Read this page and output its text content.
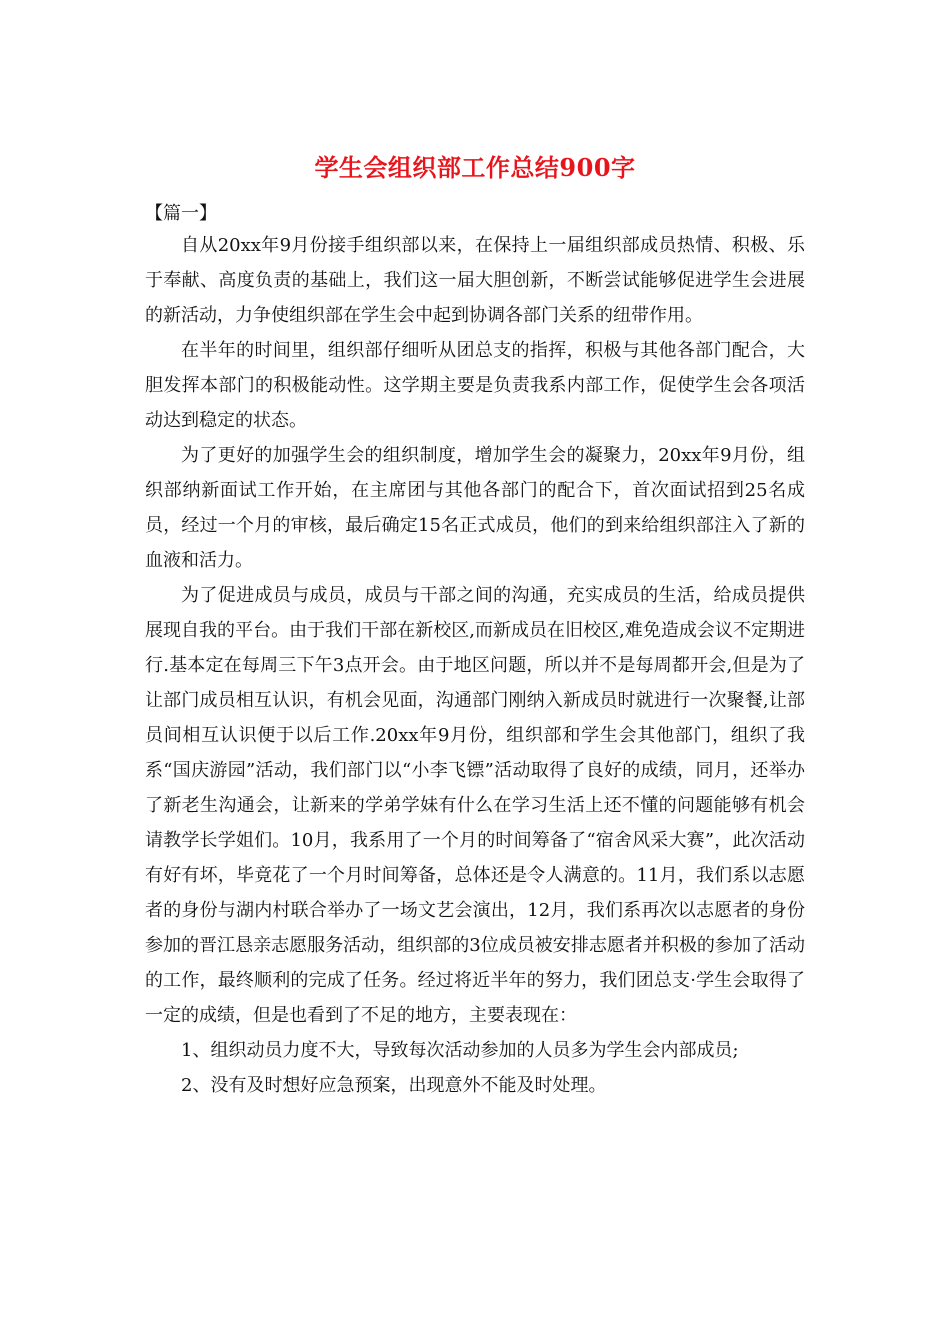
学生会组织部工作总结900字
【篇一】

自从20xx年9月份接手组织部以来，在保持上一届组织部成员热情、积极、乐于奉献、高度负责的基础上，我们这一届大胆创新，不断尝试能够促进学生会进展的新活动，力争使组织部在学生会中起到协调各部门关系的纽带作用。

在半年的时间里，组织部仔细听从团总支的指挥，积极与其他各部门配合，大胆发挥本部门的积极能动性。这学期主要是负责我系内部工作，促使学生会各项活动达到稳定的状态。

为了更好的加强学生会的组织制度，增加学生会的凝聚力，20xx年9月份，组织部纳新面试工作开始，在主席团与其他各部门的配合下，首次面试招到25名成员，经过一个月的审核，最后确定15名正式成员，他们的到来给组织部注入了新的血液和活力。

为了促进成员与成员，成员与干部之间的沟通，充实成员的生活，给成员提供展现自我的平台。由于我们干部在新校区,而新成员在旧校区,难免造成会议不定期进行.基本定在每周三下午3点开会。由于地区问题，所以并不是每周都开会,但是为了让部门成员相互认识，有机会见面，沟通部门刚纳入新成员时就进行一次聚餐,让部员间相互认识便于以后工作.20xx年9月份，组织部和学生会其他部门，组织了我系“国庆游园”活动，我们部门以“小李飞镖”活动取得了良好的成绩，同月，还举办了新老生沟通会，让新来的学弟学妹有什么在学习生活上还不懂的问题能够有机会请教学长学姐们。10月，我系用了一个月的时间筹备了“宿舍风采大赛”，此次活动有好有坏，毕竟花了一个月时间筹备，总体还是令人满意的。11月，我们系以志愿者的身份与湖内村联合举办了一场文艺会演出，12月，我们系再次以志愿者的身份参加的晋江恳亲志愿服务活动，组织部的3位成员被安排志愿者并积极的参加了活动的工作，最终顺利的完成了任务。经过将近半年的努力，我们团总支·学生会取得了一定的成绩，但是也看到了不足的地方，主要表现在：

1、组织动员力度不大，导致每次活动参加的人员多为学生会内部成员;

2、没有及时想好应急预案，出现意外不能及时处理。
